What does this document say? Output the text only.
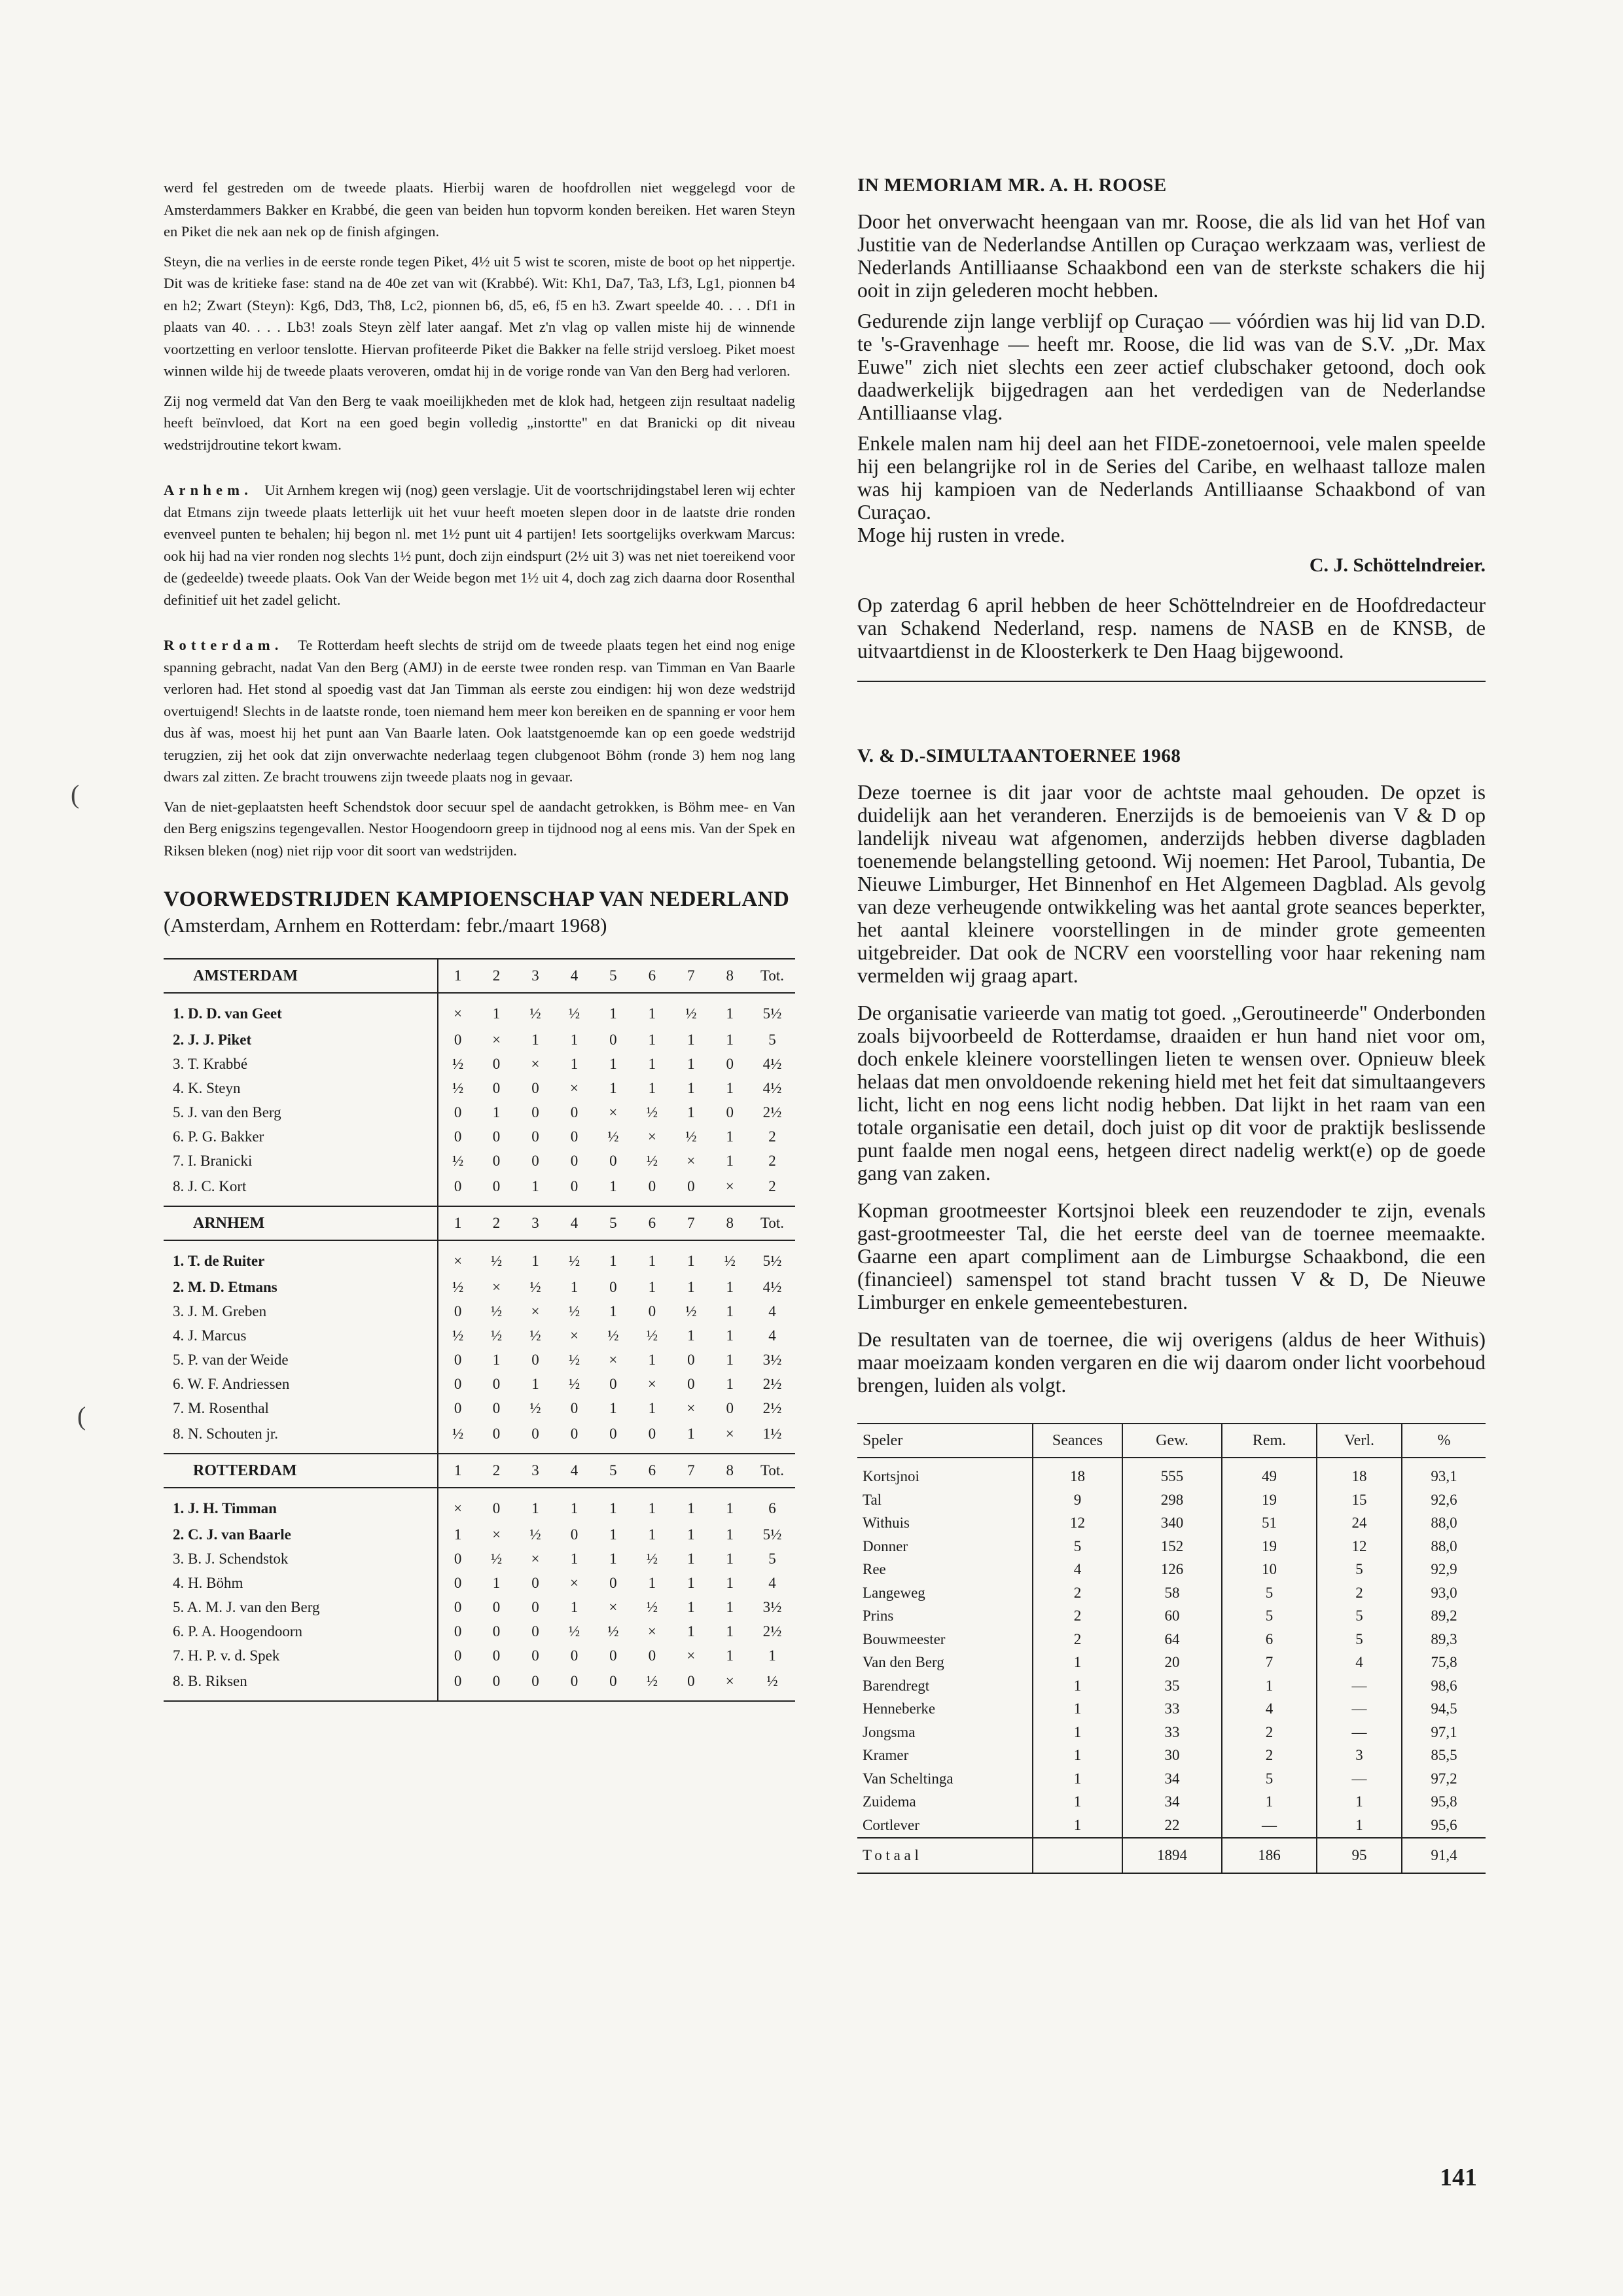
werd fel gestreden om de tweede plaats. Hierbij waren de hoofdrollen niet weggelegd voor de Amsterdammers Bakker en Krabbé, die geen van beiden hun topvorm konden bereiken. Het waren Steyn en Piket die nek aan nek op de finish afgingen.

Steyn, die na verlies in de eerste ronde tegen Piket, 4½ uit 5 wist te scoren, miste de boot op het nippertje. Dit was de kritieke fase: stand na de 40e zet van wit (Krabbé). Wit: Kh1, Da7, Ta3, Lf3, Lg1, pionnen b4 en h2; Zwart (Steyn): Kg6, Dd3, Th8, Lc2, pionnen b6, d5, e6, f5 en h3. Zwart speelde 40. . . . Df1 in plaats van 40. . . . Lb3! zoals Steyn zèlf later aangaf. Met z'n vlag op vallen miste hij de winnende voortzetting en verloor tenslotte. Hiervan profiteerde Piket die Bakker na felle strijd versloeg. Piket moest winnen wilde hij de tweede plaats veroveren, omdat hij in de vorige ronde van Van den Berg had verloren.

Zij nog vermeld dat Van den Berg te vaak moeilijkheden met de klok had, hetgeen zijn resultaat nadelig heeft beïnvloed, dat Kort na een goed begin volledig „instortte" en dat Branicki op dit niveau wedstrijdroutine tekort kwam.

Arnhem. Uit Arnhem kregen wij (nog) geen verslagje. Uit de voortschrijdingstabel leren wij echter dat Etmans zijn tweede plaats letterlijk uit het vuur heeft moeten slepen door in de laatste drie ronden evenveel punten te behalen; hij begon nl. met 1½ punt uit 4 partijen! Iets soortgelijks overkwam Marcus: ook hij had na vier ronden nog slechts 1½ punt, doch zijn eindspurt (2½ uit 3) was net niet toereikend voor de (gedeelde) tweede plaats. Ook Van der Weide begon met 1½ uit 4, doch zag zich daarna door Rosenthal definitief uit het zadel gelicht.

Rotterdam. Te Rotterdam heeft slechts de strijd om de tweede plaats tegen het eind nog enige spanning gebracht, nadat Van den Berg (AMJ) in de eerste twee ronden resp. van Timman en Van Baarle verloren had. Het stond al spoedig vast dat Jan Timman als eerste zou eindigen: hij won deze wedstrijd overtuigend! Slechts in de laatste ronde, toen niemand hem meer kon bereiken en de spanning er voor hem dus àf was, moest hij het punt aan Van Baarle laten. Ook laatstgenoemde kan op een goede wedstrijd terugzien, zij het ook dat zijn onverwachte nederlaag tegen clubgenoot Böhm (ronde 3) hem nog lang dwars zal zitten. Ze bracht trouwens zijn tweede plaats nog in gevaar.

Van de niet-geplaatsten heeft Schendstok door secuur spel de aandacht getrokken, is Böhm mee- en Van den Berg enigszins tegengevallen. Nestor Hoogendoorn greep in tijdnood nog al eens mis. Van der Spek en Riksen bleken (nog) niet rijp voor dit soort van wedstrijden.

VOORWEDSTRIJDEN KAMPIOENSCHAP VAN NEDERLAND
(Amsterdam, Arnhem en Rotterdam: febr./maart 1968)
AMSTERDAM	1	2	3	4	5	6	7	8	Tot.
1. D. D. van Geet	×	1	½	½	1	1	½	1	5½
2. J. J. Piket	0	×	1	1	0	1	1	1	5
3. T. Krabbé	½	0	×	1	1	1	1	0	4½
4. K. Steyn	½	0	0	×	1	1	1	1	4½
5. J. van den Berg	0	1	0	0	×	½	1	0	2½
6. P. G. Bakker	0	0	0	0	½	×	½	1	2
7. I. Branicki	½	0	0	0	0	½	×	1	2
8. J. C. Kort	0	0	1	0	1	0	0	×	2
ARNHEM	1	2	3	4	5	6	7	8	Tot.
1. T. de Ruiter	×	½	1	½	1	1	1	½	5½
2. M. D. Etmans	½	×	½	1	0	1	1	1	4½
3. J. M. Greben	0	½	×	½	1	0	½	1	4
4. J. Marcus	½	½	½	×	½	½	1	1	4
5. P. van der Weide	0	1	0	½	×	1	0	1	3½
6. W. F. Andriessen	0	0	1	½	0	×	0	1	2½
7. M. Rosenthal	0	0	½	0	1	1	×	0	2½
8. N. Schouten jr.	½	0	0	0	0	0	1	×	1½
ROTTERDAM	1	2	3	4	5	6	7	8	Tot.
1. J. H. Timman	×	0	1	1	1	1	1	1	6
2. C. J. van Baarle	1	×	½	0	1	1	1	1	5½
3. B. J. Schendstok	0	½	×	1	1	½	1	1	5
4. H. Böhm	0	1	0	×	0	1	1	1	4
5. A. M. J. van den Berg	0	0	0	1	×	½	1	1	3½
6. P. A. Hoogendoorn	0	0	0	½	½	×	1	1	2½
7. H. P. v. d. Spek	0	0	0	0	0	0	×	1	1
8. B. Riksen	0	0	0	0	0	½	0	×	½
IN MEMORIAM MR. A. H. ROOSE

Door het onverwacht heengaan van mr. Roose, die als lid van het Hof van Justitie van de Nederlandse Antillen op Curaçao werkzaam was, verliest de Nederlands Antilliaanse Schaakbond een van de sterkste schakers die hij ooit in zijn gelederen mocht hebben.

Gedurende zijn lange verblijf op Curaçao — vóórdien was hij lid van D.D. te 's-Gravenhage — heeft mr. Roose, die lid was van de S.V. „Dr. Max Euwe" zich niet slechts een zeer actief clubschaker getoond, doch ook daadwerkelijk bijgedragen aan het verdedigen van de Nederlandse Antilliaanse vlag.

Enkele malen nam hij deel aan het FIDE-zonetoernooi, vele malen speelde hij een belangrijke rol in de Series del Caribe, en welhaast talloze malen was hij kampioen van de Nederlands Antilliaanse Schaakbond of van Curaçao.

Moge hij rusten in vrede.

C. J. Schöttelndreier.

Op zaterdag 6 april hebben de heer Schöttelndreier en de Hoofdredacteur van Schakend Nederland, resp. namens de NASB en de KNSB, de uitvaartdienst in de Kloosterkerk te Den Haag bijgewoond.

V. & D.-SIMULTAANTOERNEE 1968

Deze toernee is dit jaar voor de achtste maal gehouden. De opzet is duidelijk aan het veranderen. Enerzijds is de bemoeienis van V & D op landelijk niveau wat afgenomen, anderzijds hebben diverse dagbladen toenemende belangstelling getoond. Wij noemen: Het Parool, Tubantia, De Nieuwe Limburger, Het Binnenhof en Het Algemeen Dagblad. Als gevolg van deze verheugende ontwikkeling was het aantal grote seances beperkter, het aantal kleinere voorstellingen in de minder grote gemeenten uitgebreider. Dat ook de NCRV een voorstelling voor haar rekening nam vermelden wij graag apart.

De organisatie varieerde van matig tot goed. „Geroutineerde" Onderbonden zoals bijvoorbeeld de Rotterdamse, draaiden er hun hand niet voor om, doch enkele kleinere voorstellingen lieten te wensen over. Opnieuw bleek helaas dat men onvoldoende rekening hield met het feit dat simultaangevers licht, licht en nog eens licht nodig hebben. Dat lijkt in het raam van een totale organisatie een detail, doch juist op dit voor de praktijk beslissende punt faalde men nogal eens, hetgeen direct nadelig werkt(e) op de goede gang van zaken.

Kopman grootmeester Kortsjnoi bleek een reuzendoder te zijn, evenals gast-grootmeester Tal, die het eerste deel van de toernee meemaakte. Gaarne een apart compliment aan de Limburgse Schaakbond, die een (financieel) samenspel tot stand bracht tussen V & D, De Nieuwe Limburger en enkele gemeentebesturen.

De resultaten van de toernee, die wij overigens (aldus de heer Withuis) maar moeizaam konden vergaren en die wij daarom onder licht voorbehoud brengen, luiden als volgt.

Speler	Seances	Gew.	Rem.	Verl.	%
Kortsjnoi	18	555	49	18	93,1
Tal	9	298	19	15	92,6
Withuis	12	340	51	24	88,0
Donner	5	152	19	12	88,0
Ree	4	126	10	5	92,9
Langeweg	2	58	5	2	93,0
Prins	2	60	5	5	89,2
Bouwmeester	2	64	6	5	89,3
Van den Berg	1	20	7	4	75,8
Barendregt	1	35	1	—	98,6
Henneberke	1	33	4	—	94,5
Jongsma	1	33	2	—	97,1
Kramer	1	30	2	3	85,5
Van Scheltinga	1	34	5	—	97,2
Zuidema	1	34	1	1	95,8
Cortlever	1	22	—	1	95,6
Totaal		1894	186	95	91,4
(
(
141
